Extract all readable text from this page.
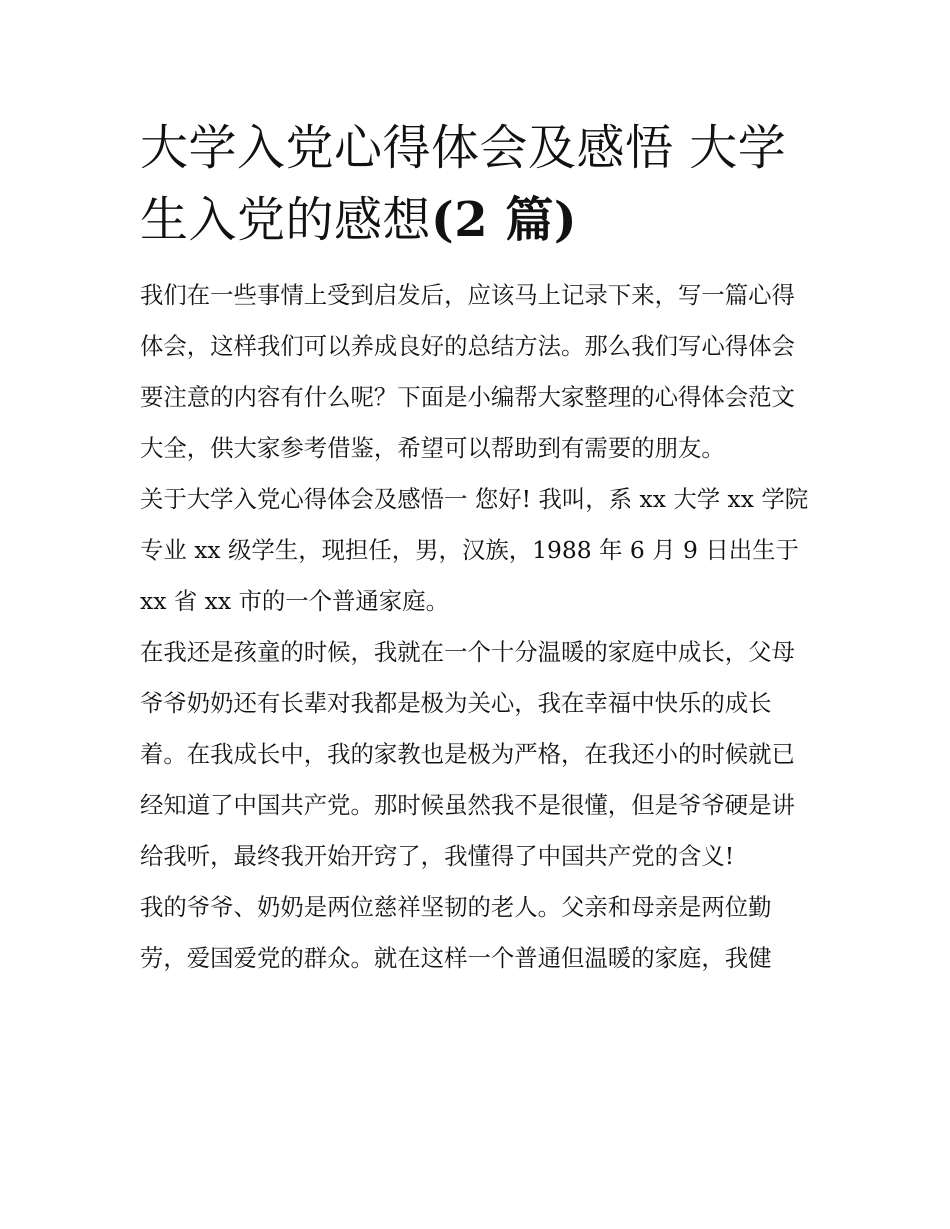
大学入党心得体会及感悟 大学生入党的感想(2 篇)

我们在一些事情上受到启发后，应该马上记录下来，写一篇心得体会，这样我们可以养成良好的总结方法。那么我们写心得体会要注意的内容有什么呢？下面是小编帮大家整理的心得体会范文大全，供大家参考借鉴，希望可以帮助到有需要的朋友。

关于大学入党心得体会及感悟一 您好! 我叫，系 xx 大学 xx 学院专业 xx 级学生，现担任，男，汉族，1988 年 6 月 9 日出生于 xx 省 xx 市的一个普通家庭。

在我还是孩童的时候，我就在一个十分温暖的家庭中成长，父母爷爷奶奶还有长辈对我都是极为关心，我在幸福中快乐的成长着。在我成长中，我的家教也是极为严格，在我还小的时候就已经知道了中国共产党。那时候虽然我不是很懂，但是爷爷硬是讲给我听，最终我开始开窍了，我懂得了中国共产党的含义!

我的爷爷、奶奶是两位慈祥坚韧的老人。父亲和母亲是两位勤劳，爱国爱党的群众。就在这样一个普通但温暖的家庭，我健
